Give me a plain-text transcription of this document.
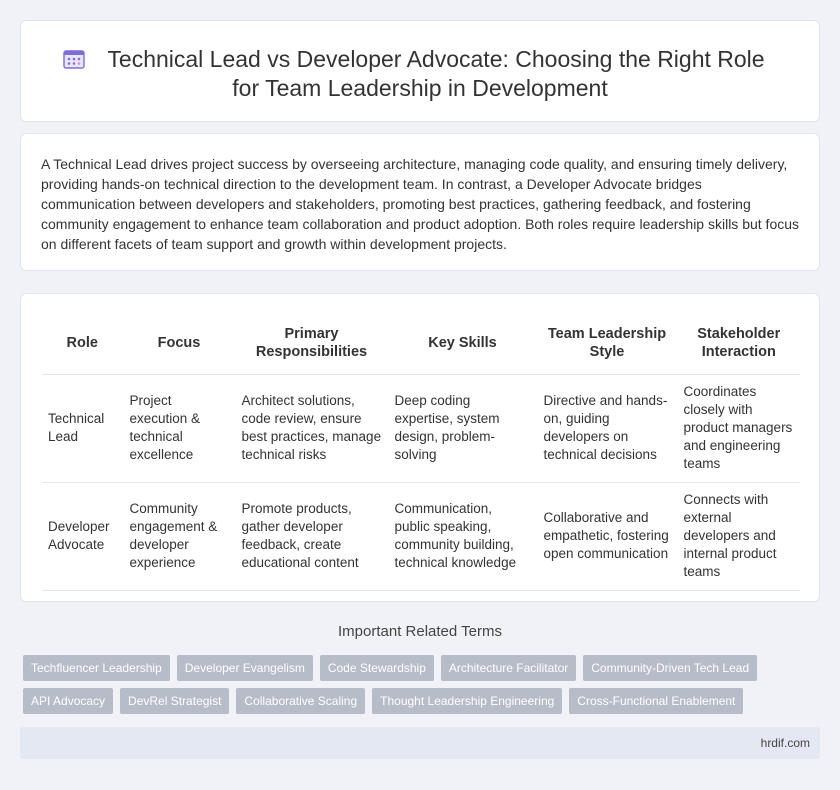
Technical Lead vs Developer Advocate: Choosing the Right Role
for Team Leadership in Development

A Technical Lead drives project success by overseeing architecture, managing code quality, and ensuring timely delivery, providing hands-on technical direction to the development team. In contrast, a Developer Advocate bridges communication between developers and stakeholders, promoting best practices, gathering feedback, and fostering community engagement to enhance team collaboration and product adoption. Both roles require leadership skills but focus on different facets of team support and growth within development projects.

Role	Focus	Primary Responsibilities	Key Skills	Team Leadership Style	Stakeholder Interaction
Technical Lead	Project execution & technical excellence	Architect solutions, code review, ensure best practices, manage technical risks	Deep coding expertise, system design, problem-solving	Directive and hands-on, guiding developers on technical decisions	Coordinates closely with product managers and engineering teams
Developer Advocate	Community engagement & developer experience	Promote products, gather developer feedback, create educational content	Communication, public speaking, community building, technical knowledge	Collaborative and empathetic, fostering open communication	Connects with external developers and internal product teams
Important Related Terms
Techfluencer Leadership	Developer Evangelism	Code Stewardship	Architecture Facilitator	Community-Driven Tech Lead
API Advocacy	DevRel Strategist	Collaborative Scaling	Thought Leadership Engineering	Cross-Functional Enablement
hrdif.com
